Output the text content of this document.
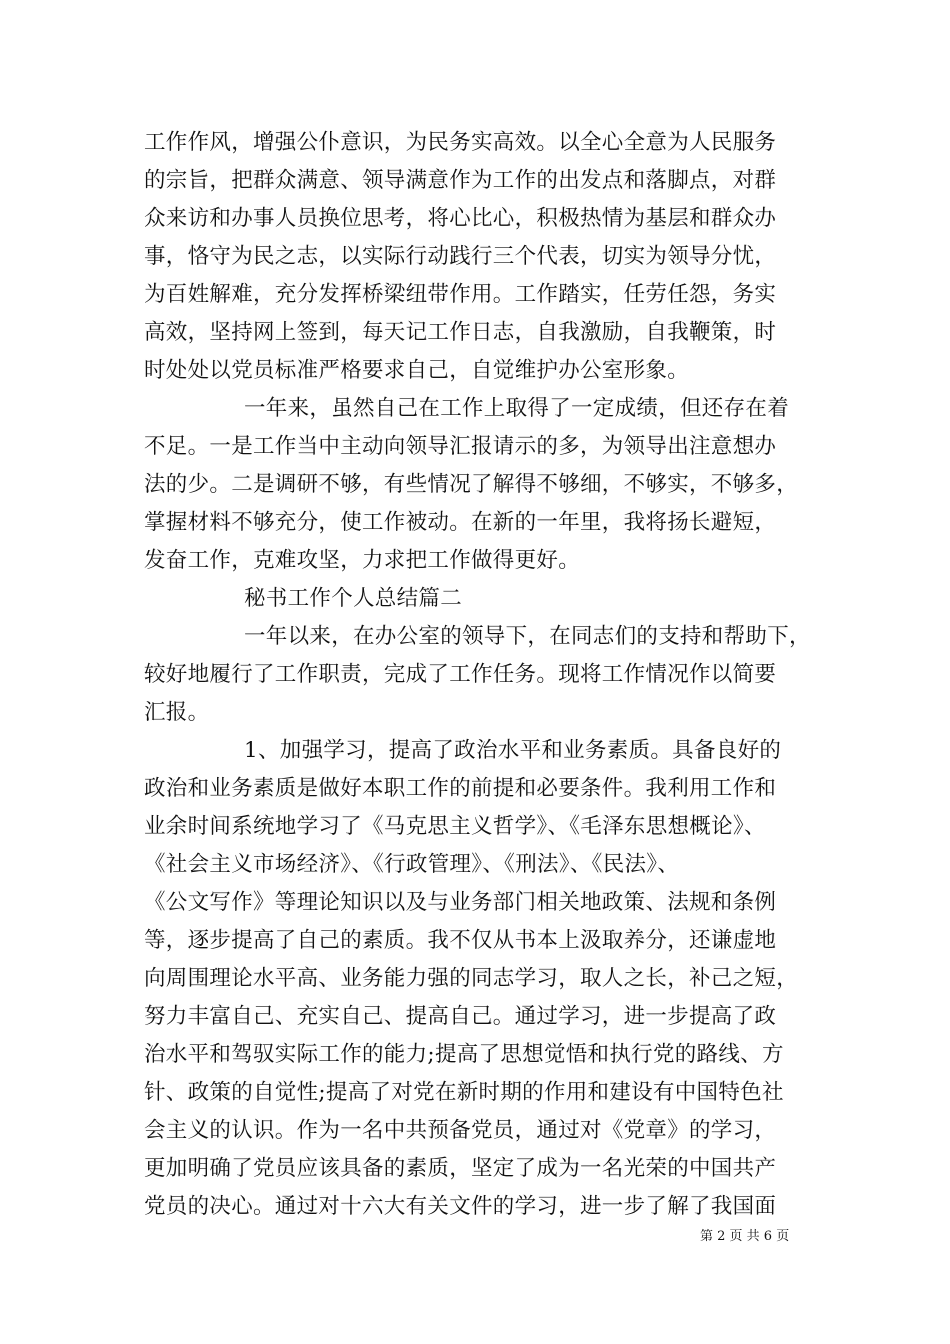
工作作风，增强公仆意识，为民务实高效。以全心全意为人民服务
的宗旨，把群众满意、领导满意作为工作的出发点和落脚点，对群
众来访和办事人员换位思考，将心比心，积极热情为基层和群众办
事，恪守为民之志，以实际行动践行三个代表，切实为领导分忧，
为百姓解难，充分发挥桥梁纽带作用。工作踏实，任劳任怨，务实
高效，坚持网上签到，每天记工作日志，自我激励，自我鞭策，时
时处处以党员标准严格要求自己，自觉维护办公室形象。
一年来，虽然自己在工作上取得了一定成绩，但还存在着
不足。一是工作当中主动向领导汇报请示的多，为领导出注意想办
法的少。二是调研不够，有些情况了解得不够细，不够实，不够多，
掌握材料不够充分，使工作被动。在新的一年里，我将扬长避短，
发奋工作，克难攻坚，力求把工作做得更好。
秘书工作个人总结篇二
一年以来，在办公室的领导下，在同志们的支持和帮助下，
较好地履行了工作职责，完成了工作任务。现将工作情况作以简要
汇报。
1、加强学习，提高了政治水平和业务素质。具备良好的
政治和业务素质是做好本职工作的前提和必要条件。我利用工作和
业余时间系统地学习了《马克思主义哲学》、《毛泽东思想概论》、
《社会主义市场经济》、《行政管理》、《刑法》、《民法》、
《公文写作》等理论知识以及与业务部门相关地政策、法规和条例
等，逐步提高了自己的素质。我不仅从书本上汲取养分，还谦虚地
向周围理论水平高、业务能力强的同志学习，取人之长，补己之短，
努力丰富自己、充实自己、提高自己。通过学习，进一步提高了政
治水平和驾驭实际工作的能力;提高了思想觉悟和执行党的路线、方
针、政策的自觉性;提高了对党在新时期的作用和建设有中国特色社
会主义的认识。作为一名中共预备党员，通过对《党章》的学习，
更加明确了党员应该具备的素质，坚定了成为一名光荣的中国共产
党员的决心。通过对十六大有关文件的学习，进一步了解了我国面
第 2 页 共 6 页
